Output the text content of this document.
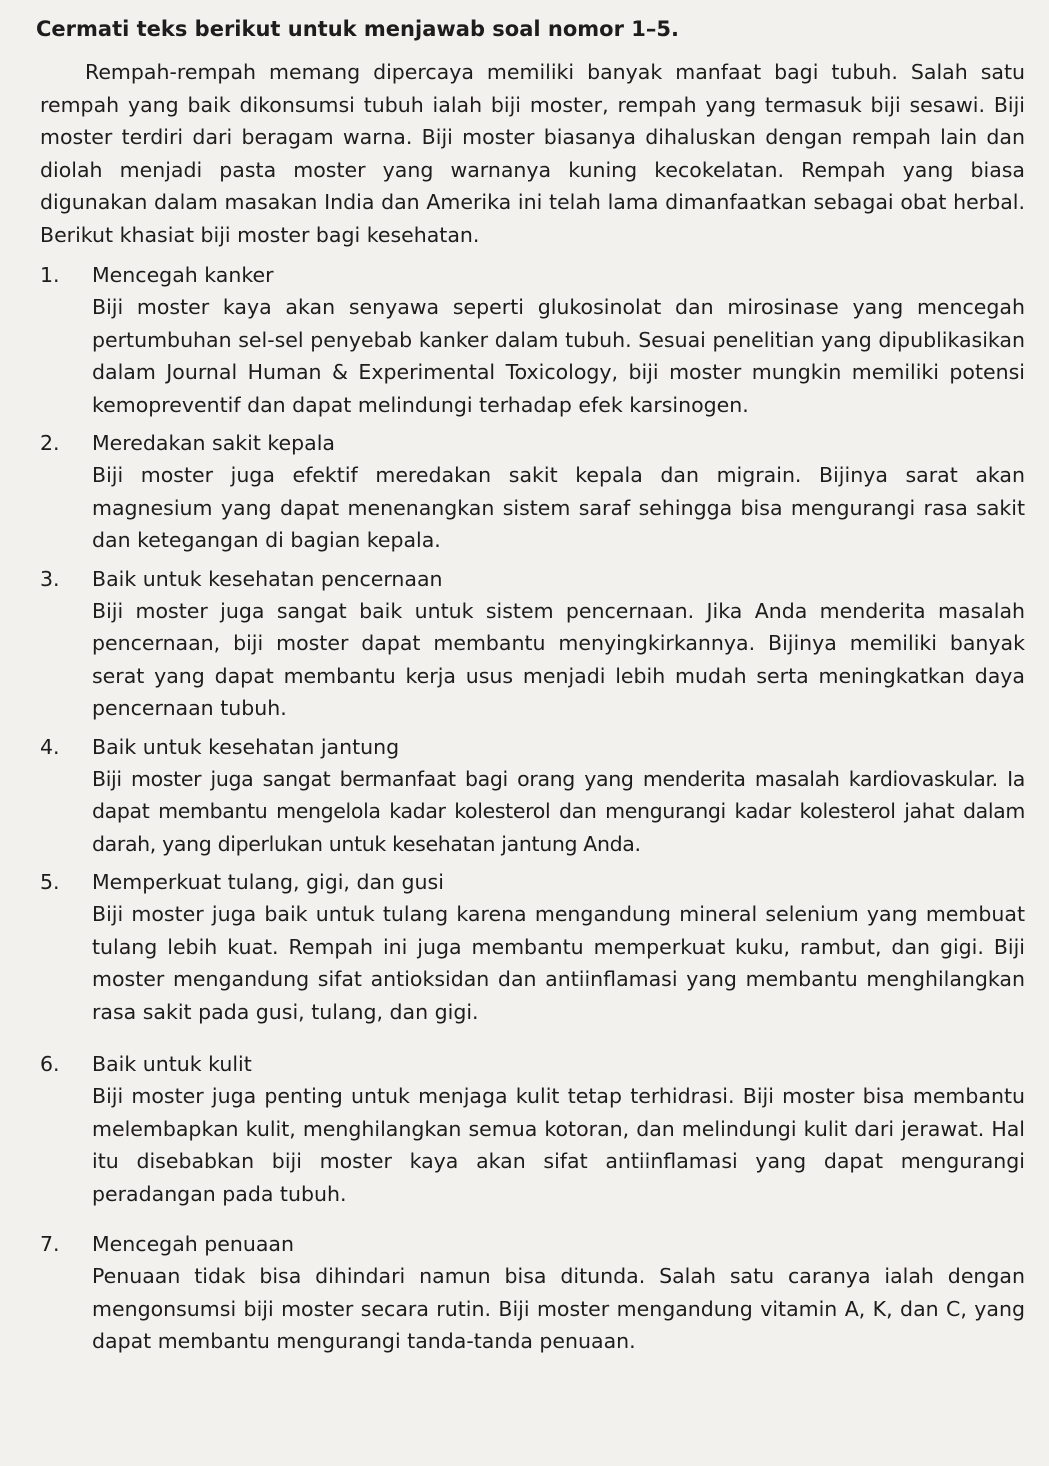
Cermati teks berikut untuk menjawab soal nomor 1–5.

Rempah-rempah memang dipercaya memiliki banyak manfaat bagi tubuh. Salah satu rempah yang baik dikonsumsi tubuh ialah biji moster, rempah yang termasuk biji sesawi. Biji moster terdiri dari beragam warna. Biji moster biasanya dihaluskan dengan rempah lain dan diolah menjadi pasta moster yang warnanya kuning kecokelatan. Rempah yang biasa digunakan dalam masakan India dan Amerika ini telah lama dimanfaatkan sebagai obat herbal. Berikut khasiat biji moster bagi kesehatan.

1.	Mencegah kanker
Biji moster kaya akan senyawa seperti glukosinolat dan mirosinase yang mencegah pertumbuhan sel-sel penyebab kanker dalam tubuh. Sesuai penelitian yang dipublikasikan dalam Journal Human & Experimental Toxicology, biji moster mungkin memiliki potensi kemopreventif dan dapat melindungi terhadap efek karsinogen.
2.	Meredakan sakit kepala
Biji moster juga efektif meredakan sakit kepala dan migrain. Bijinya sarat akan magnesium yang dapat menenangkan sistem saraf sehingga bisa mengurangi rasa sakit dan ketegangan di bagian kepala.
3.	Baik untuk kesehatan pencernaan
Biji moster juga sangat baik untuk sistem pencernaan. Jika Anda menderita masalah pencernaan, biji moster dapat membantu menyingkirkannya. Bijinya memiliki banyak serat yang dapat membantu kerja usus menjadi lebih mudah serta meningkatkan daya pencernaan tubuh.
4.	Baik untuk kesehatan jantung
Biji moster juga sangat bermanfaat bagi orang yang menderita masalah kardiovaskular. Ia dapat membantu mengelola kadar kolesterol dan mengurangi kadar kolesterol jahat dalam darah, yang diperlukan untuk kesehatan jantung Anda.
5.	Memperkuat tulang, gigi, dan gusi
Biji moster juga baik untuk tulang karena mengandung mineral selenium yang membuat tulang lebih kuat. Rempah ini juga membantu memperkuat kuku, rambut, dan gigi. Biji moster mengandung sifat antioksidan dan antiinflamasi yang membantu menghilangkan rasa sakit pada gusi, tulang, dan gigi.
6.	Baik untuk kulit
Biji moster juga penting untuk menjaga kulit tetap terhidrasi. Biji moster bisa membantu melembapkan kulit, menghilangkan semua kotoran, dan melindungi kulit dari jerawat. Hal itu disebabkan biji moster kaya akan sifat antiinflamasi yang dapat mengurangi peradangan pada tubuh.
7.	Mencegah penuaan
Penuaan tidak bisa dihindari namun bisa ditunda. Salah satu caranya ialah dengan mengonsumsi biji moster secara rutin. Biji moster mengandung vitamin A, K, dan C, yang dapat membantu mengurangi tanda-tanda penuaan.
